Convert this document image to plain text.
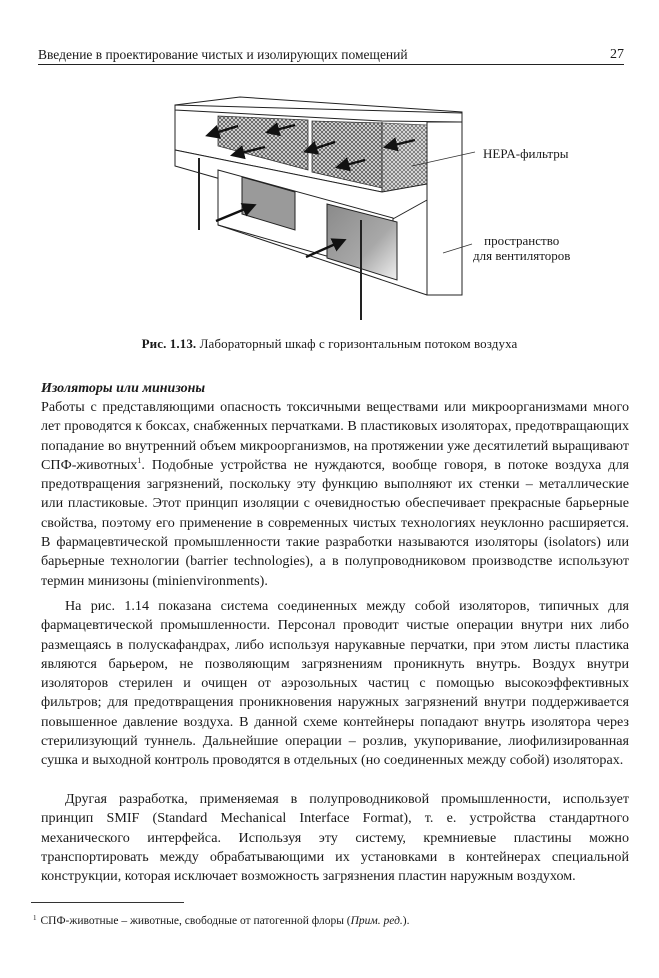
Введение в проектирование чистых и изолирующих помещений	27
HEPA-фильтры
пространство
для вентиляторов
Рис. 1.13. Лабораторный шкаф с горизонтальным потоком воздуха
Изоляторы или минизоны

Работы с представляющими опасность токсичными веществами или микроорганизмами много лет проводятся к боксах, снабженных перчатками. В пластиковых изоляторах, предотвращающих попадание во внутренний объем микроорганизмов, на протяжении уже десятилетий выращивают СПФ-животных$^1$. Подобные устройства не нуждаются, вообще говоря, в потоке воздуха для предотвращения загрязнений, поскольку эту функцию выполняют их стенки – металлические или пластиковые. Этот принцип изоляции с очевидностью обеспечивает прекрасные барьерные свойства, поэтому его применение в современных чистых технологиях неуклонно расширяется. В фармацевтической промышленности такие разработки называются изоляторы (isolators) или барьерные технологии (barrier technologies), а в полупроводниковом производстве используют термин минизоны (minienvironments).

На рис. 1.14 показана система соединенных между собой изоляторов, типичных для фармацевтической промышленности. Персонал проводит чистые операции внутри них либо размещаясь в полускафандрах, либо используя нарукавные перчатки, при этом листы пластика являются барьером, не позволяющим загрязнениям проникнуть внутрь. Воздух внутри изоляторов стерилен и очищен от аэрозольных частиц с помощью высокоэффективных фильтров; для предотвращения проникновения наружных загрязнений внутри поддерживается повышенное давление воздуха. В данной схеме контейнеры попадают внутрь изолятора через стерилизующий туннель. Дальнейшие операции – розлив, укупоривание, лиофилизированная сушка и выходной контроль проводятся в отдельных (но соединенных между собой) изоляторах.

Другая разработка, применяемая в полупроводниковой промышленности, использует принцип SMIF (Standard Mechanical Interface Format), т. е. устройства стандартного механического интерфейса. Используя эту систему, кремниевые пластины можно транспортировать между обрабатывающими их установками в контейнерах специальной конструкции, которая исключает возможность загрязнения пластин наружным воздухом.

$^1$ СПФ-животные – животные, свободные от патогенной флоры (Прим. ред.).
